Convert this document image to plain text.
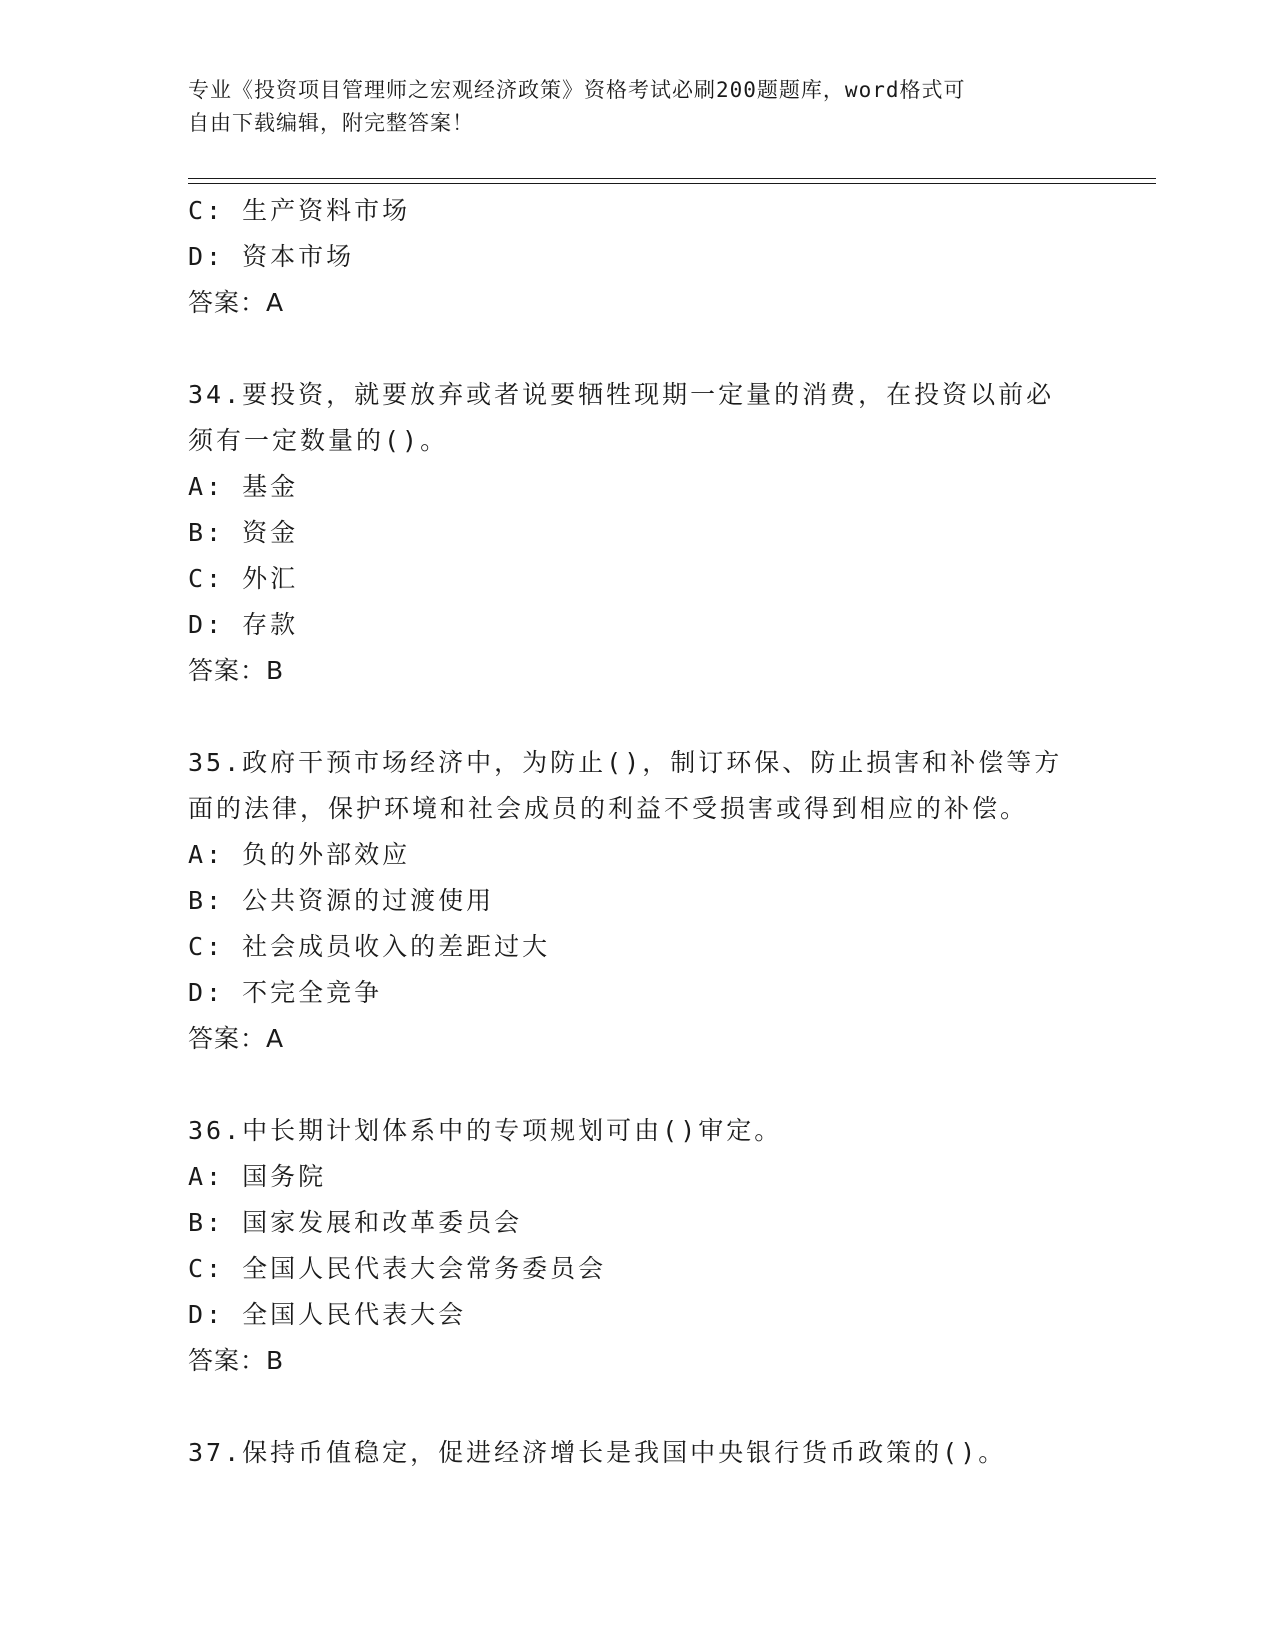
专业《投资项目管理师之宏观经济政策》资格考试必刷200题题库，word格式可
自由下载编辑，附完整答案！
C: 生产资料市场
D: 资本市场
答案：A
34.要投资，就要放弃或者说要牺牲现期一定量的消费，在投资以前必
须有一定数量的()。
A: 基金
B: 资金
C: 外汇
D: 存款
答案：B
35.政府干预市场经济中，为防止()，制订环保、防止损害和补偿等方
面的法律，保护环境和社会成员的利益不受损害或得到相应的补偿。
A: 负的外部效应
B: 公共资源的过渡使用
C: 社会成员收入的差距过大
D: 不完全竞争
答案：A
36.中长期计划体系中的专项规划可由()审定。
A: 国务院
B: 国家发展和改革委员会
C: 全国人民代表大会常务委员会
D: 全国人民代表大会
答案：B
37.保持币值稳定，促进经济增长是我国中央银行货币政策的()。
